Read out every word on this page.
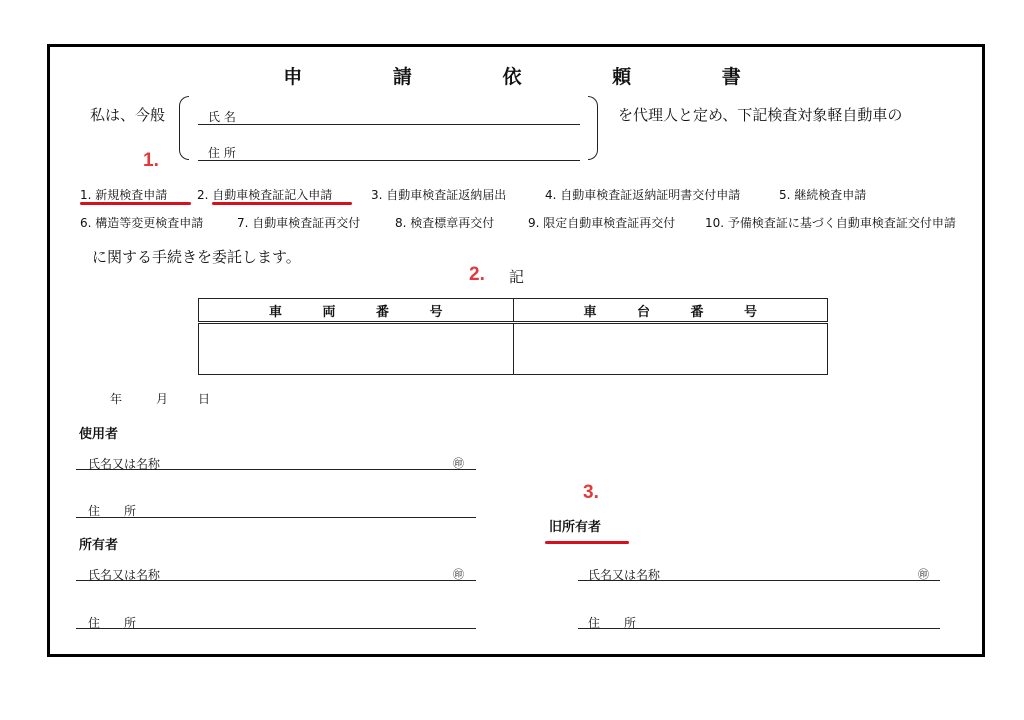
申 請 依 頼 書
私は、今般	氏 名
住 所
を代理人と定め、下記検査対象軽自動車の
1.
1. 新規検査申請 2. 自動車検査証記入申請	3. 自動車検査証返納届出	4. 自動車検査証返納証明書交付申請	5. 継続検査申請
6. 構造等変更検査申請	7. 自動車検査証再交付	8. 検査標章再交付	9. 限定自動車検査証再交付 10. 予備検査証に基づく自動車検査証交付申請
に関する手続きを委託します。
2. 記
車 両 番 号	車 台 番 号

年	月 日
使用者
氏名又は名称	㊞
住　　所
所有者
氏名又は名称	㊞
住　　所
3.
旧所有者
氏名又は名称	㊞
住　　所
